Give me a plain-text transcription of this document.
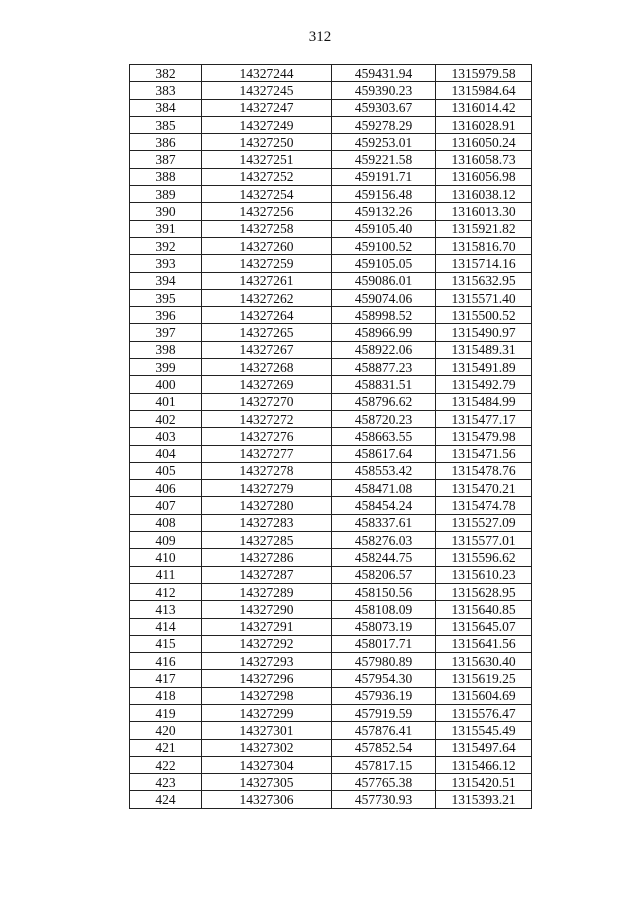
312
382	14327244	459431.94	1315979.58
383	14327245	459390.23	1315984.64
384	14327247	459303.67	1316014.42
385	14327249	459278.29	1316028.91
386	14327250	459253.01	1316050.24
387	14327251	459221.58	1316058.73
388	14327252	459191.71	1316056.98
389	14327254	459156.48	1316038.12
390	14327256	459132.26	1316013.30
391	14327258	459105.40	1315921.82
392	14327260	459100.52	1315816.70
393	14327259	459105.05	1315714.16
394	14327261	459086.01	1315632.95
395	14327262	459074.06	1315571.40
396	14327264	458998.52	1315500.52
397	14327265	458966.99	1315490.97
398	14327267	458922.06	1315489.31
399	14327268	458877.23	1315491.89
400	14327269	458831.51	1315492.79
401	14327270	458796.62	1315484.99
402	14327272	458720.23	1315477.17
403	14327276	458663.55	1315479.98
404	14327277	458617.64	1315471.56
405	14327278	458553.42	1315478.76
406	14327279	458471.08	1315470.21
407	14327280	458454.24	1315474.78
408	14327283	458337.61	1315527.09
409	14327285	458276.03	1315577.01
410	14327286	458244.75	1315596.62
411	14327287	458206.57	1315610.23
412	14327289	458150.56	1315628.95
413	14327290	458108.09	1315640.85
414	14327291	458073.19	1315645.07
415	14327292	458017.71	1315641.56
416	14327293	457980.89	1315630.40
417	14327296	457954.30	1315619.25
418	14327298	457936.19	1315604.69
419	14327299	457919.59	1315576.47
420	14327301	457876.41	1315545.49
421	14327302	457852.54	1315497.64
422	14327304	457817.15	1315466.12
423	14327305	457765.38	1315420.51
424	14327306	457730.93	1315393.21
